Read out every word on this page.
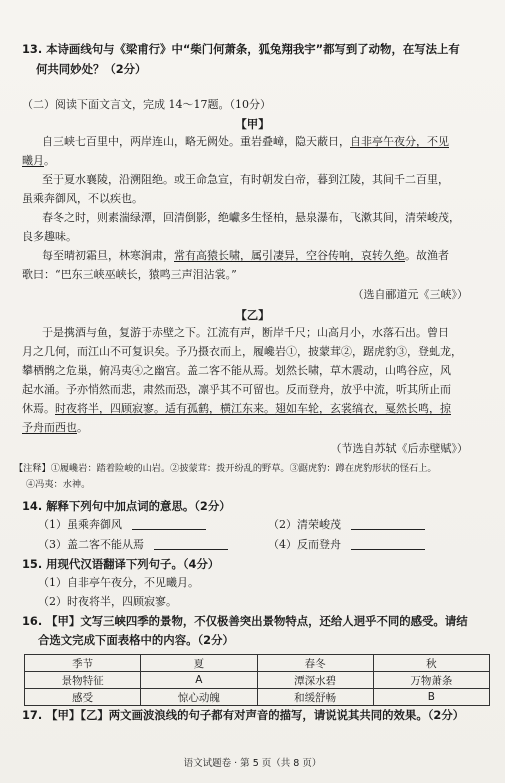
13. 本诗画线句与《梁甫行》中“柴门何萧条，狐兔翔我宇”都写到了动物，在写法上有
何共同妙处？（2分）
（二）阅读下面文言文，完成 14～17题。（10分）
【甲】
自三峡七百里中，两岸连山，略无阙处。重岩叠嶂，隐天蔽日，自非亭午夜分，不见
曦月。
至于夏水襄陵，沿溯阻绝。或王命急宣，有时朝发白帝，暮到江陵，其间千二百里，
虽乘奔御风，不以疾也。
春冬之时，则素湍绿潭，回清倒影，绝巘多生怪柏，悬泉瀑布，飞漱其间，清荣峻茂，
良多趣味。
每至晴初霜旦，林寒涧肃，常有高猿长啸，属引凄异，空谷传响，哀转久绝。故渔者
歌曰：“巴东三峡巫峡长，猿鸣三声泪沾裳。”
（选自郦道元《三峡》）
【乙】
于是携酒与鱼，复游于赤壁之下。江流有声，断岸千尺；山高月小，水落石出。曾日
月之几何，而江山不可复识矣。予乃摄衣而上，履巉岩①，披蒙茸②，踞虎豹③，登虬龙，
攀栖鹘之危巢，俯冯夷④之幽宫。盖二客不能从焉。划然长啸，草木震动，山鸣谷应，风
起水涌。予亦悄然而悲，肃然而恐，凛乎其不可留也。反而登舟，放乎中流，听其所止而
休焉。时夜将半，四顾寂寥。适有孤鹤，横江东来。翅如车轮，玄裳缟衣，戛然长鸣，掠
予舟而西也。
（节选自苏轼《后赤壁赋》）
【注释】①履巉岩：踏着险峻的山岩。②披蒙茸：拨开纷乱的野草。③踞虎豹：蹲在虎豹形状的怪石上。
④冯夷：水神。
14. 解释下列句中加点词的意思。（2分）
（1）虽乘奔御风	（2）清荣峻茂
（3）盖二客不能从焉	（4）反而登舟
15. 用现代汉语翻译下列句子。（4分）
（1）自非亭午夜分，不见曦月。
（2）时夜将半，四顾寂寥。
16. 【甲】文写三峡四季的景物，不仅极善突出景物特点，还给人迥乎不同的感受。请结
合选文完成下面表格中的内容。（2分）
季节	夏	春冬	秋
景物特征	A	潭深水碧	万物萧条
感受	惊心动魄	和缓舒畅	B
17. 【甲】【乙】两文画波浪线的句子都有对声音的描写，请说说其共同的效果。（2分）
语文试题卷 · 第 5 页（共 8 页）
